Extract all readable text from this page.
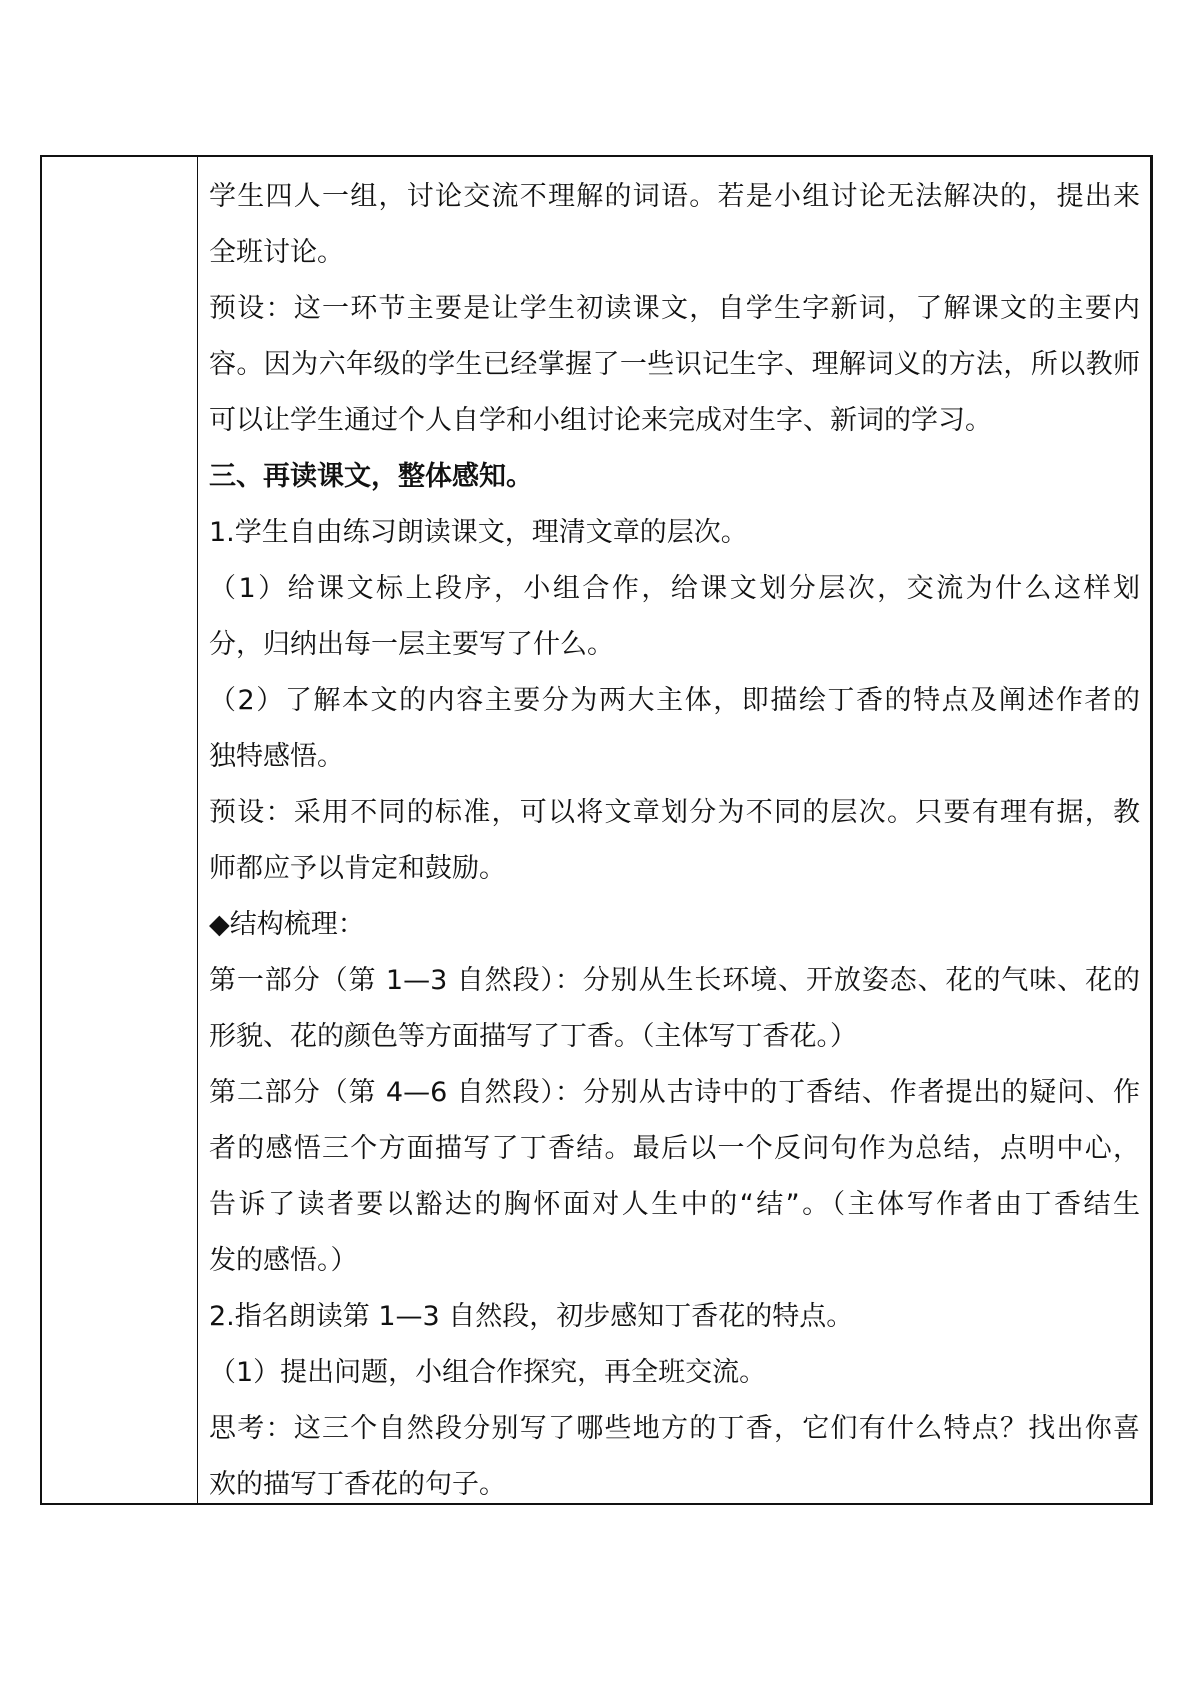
学生四人一组，讨论交流不理解的词语。若是小组讨论无法解决的，提出来
全班讨论。
预设：这一环节主要是让学生初读课文，自学生字新词，了解课文的主要内
容。因为六年级的学生已经掌握了一些识记生字、理解词义的方法，所以教师
可以让学生通过个人自学和小组讨论来完成对生字、新词的学习。
三、再读课文，整体感知。
1.学生自由练习朗读课文，理清文章的层次。
（1）给课文标上段序，小组合作，给课文划分层次，交流为什么这样划
分，归纳出每一层主要写了什么。
（2）了解本文的内容主要分为两大主体，即描绘丁香的特点及阐述作者的
独特感悟。
预设：采用不同的标准，可以将文章划分为不同的层次。只要有理有据，教
师都应予以肯定和鼓励。
◆结构梳理：
第一部分（第 1—3 自然段）：分别从生长环境、开放姿态、花的气味、花的
形貌、花的颜色等方面描写了丁香。（主体写丁香花。）
第二部分（第 4—6 自然段）：分别从古诗中的丁香结、作者提出的疑问、作
者的感悟三个方面描写了丁香结。最后以一个反问句作为总结，点明中心，
告诉了读者要以豁达的胸怀面对人生中的“结”。（主体写作者由丁香结生
发的感悟。）
2.指名朗读第 1—3 自然段，初步感知丁香花的特点。
（1）提出问题，小组合作探究，再全班交流。
思考：这三个自然段分别写了哪些地方的丁香，它们有什么特点？找出你喜
欢的描写丁香花的句子。
